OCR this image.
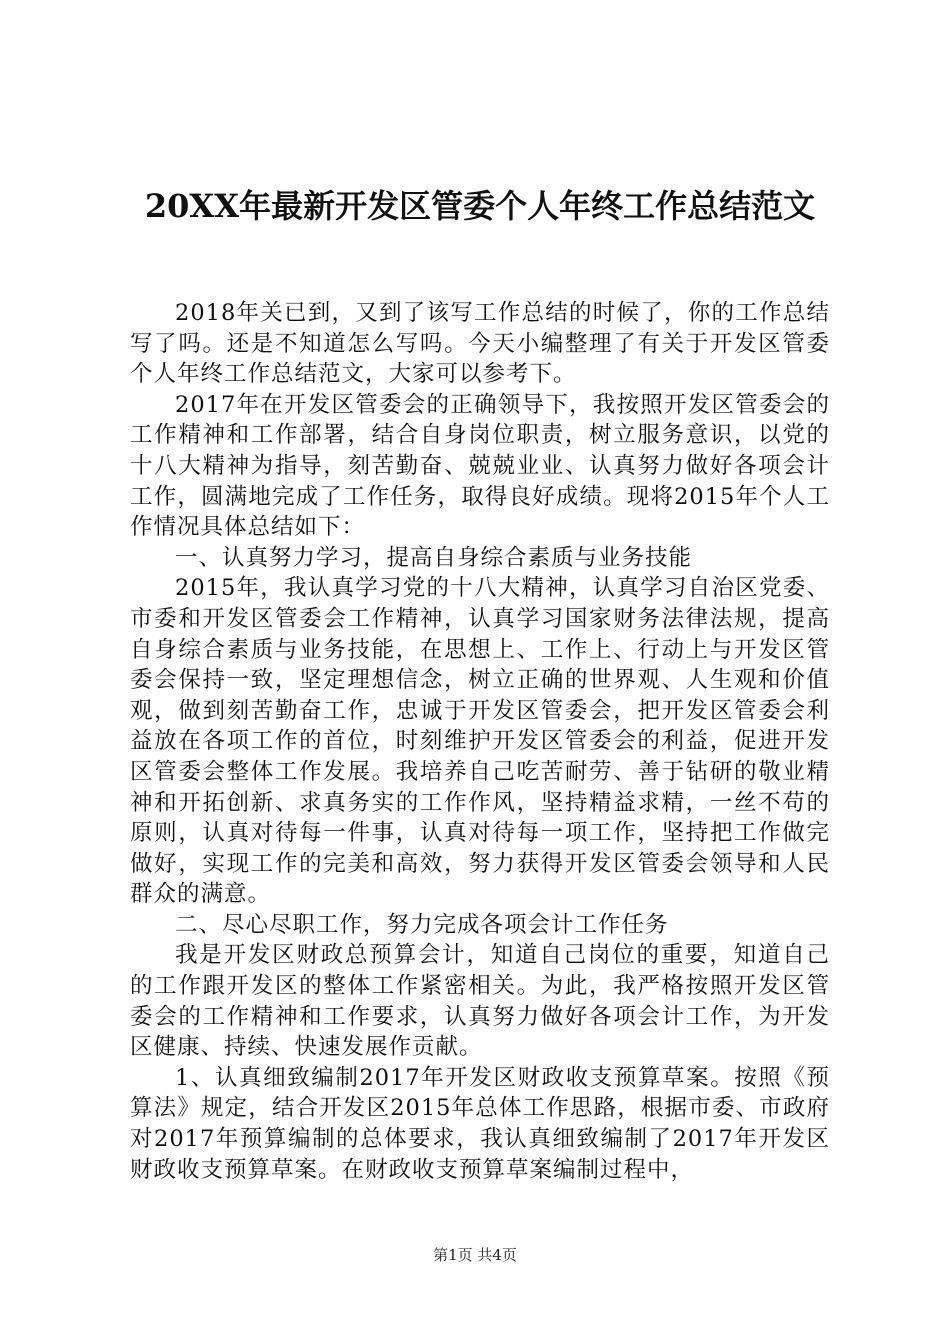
20XX年最新开发区管委个人年终工作总结范文

2018年关已到，又到了该写工作总结的时候了，你的工作总结写了吗。还是不知道怎么写吗。今天小编整理了有关于开发区管委个人年终工作总结范文，大家可以参考下。

2017年在开发区管委会的正确领导下，我按照开发区管委会的工作精神和工作部署，结合自身岗位职责，树立服务意识，以党的十八大精神为指导，刻苦勤奋、兢兢业业、认真努力做好各项会计工作，圆满地完成了工作任务，取得良好成绩。现将2015年个人工作情况具体总结如下：

一、认真努力学习，提高自身综合素质与业务技能

2015年，我认真学习党的十八大精神，认真学习自治区党委、市委和开发区管委会工作精神，认真学习国家财务法律法规，提高自身综合素质与业务技能，在思想上、工作上、行动上与开发区管委会保持一致，坚定理想信念，树立正确的世界观、人生观和价值观，做到刻苦勤奋工作，忠诚于开发区管委会，把开发区管委会利益放在各项工作的首位，时刻维护开发区管委会的利益，促进开发区管委会整体工作发展。我培养自己吃苦耐劳、善于钻研的敬业精神和开拓创新、求真务实的工作作风，坚持精益求精，一丝不苟的原则，认真对待每一件事，认真对待每一项工作，坚持把工作做完做好，实现工作的完美和高效，努力获得开发区管委会领导和人民群众的满意。

二、尽心尽职工作，努力完成各项会计工作任务

我是开发区财政总预算会计，知道自己岗位的重要，知道自己的工作跟开发区的整体工作紧密相关。为此，我严格按照开发区管委会的工作精神和工作要求，认真努力做好各项会计工作，为开发区健康、持续、快速发展作贡献。

1、认真细致编制2017年开发区财政收支预算草案。按照《预算法》规定，结合开发区2015年总体工作思路，根据市委、市政府对2017年预算编制的总体要求，我认真细致编制了2017年开发区财政收支预算草案。在财政收支预算草案编制过程中，

第1页 共4页
